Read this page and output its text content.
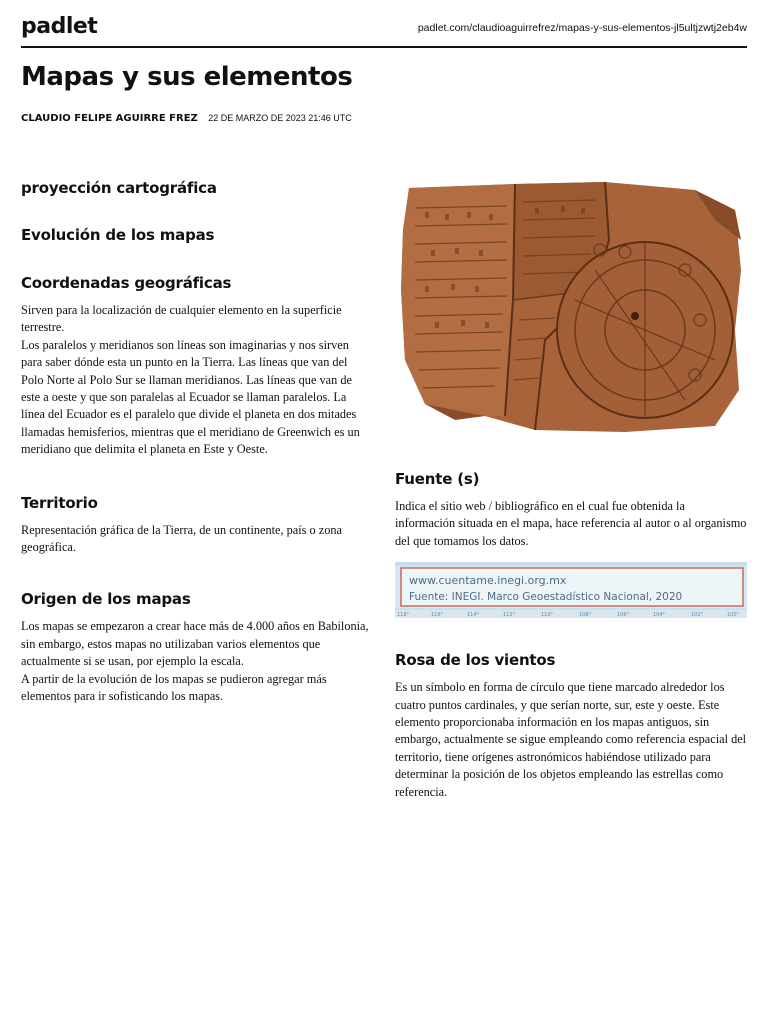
padlet	padlet.com/claudioaguirrefrez/mapas-y-sus-elementos-jl5ultjzwtj2eb4w
Mapas y sus elementos
CLAUDIO FELIPE AGUIRRE FREZ 22 DE MARZO DE 2023 21:46 UTC
proyección cartográfica
Evolución de los mapas
Coordenadas geográficas

Sirven para la localización de cualquier elemento en la superficie terrestre.
Los paralelos y meridianos son líneas son imaginarias y nos sirven para saber dónde esta un punto en la Tierra. Las líneas que van del Polo Norte al Polo Sur se llaman meridianos. Las líneas que van de este a oeste y que son paralelas al Ecuador se llaman paralelos. La línea del Ecuador es el paralelo que divide el planeta en dos mitades llamadas hemisferios, mientras que el meridiano de Greenwich es un meridiano que delimita el planeta en Este y Oeste.

Territorio

Representación gráfica de la Tierra, de un continente, país o zona geográfica.

Origen de los mapas

Los mapas se empezaron a crear hace más de 4.000 años en Babilonia, sin embargo, estos mapas no utilizaban varios elementos que actualmente si se usan, por ejemplo la escala.
A partir de la evolución de los mapas se pudieron agregar más elementos para ir sofisticando los mapas.

Fuente (s)

Indica el sitio web / bibliográfico en el cual fue obtenida la información situada en el mapa, hace referencia al autor o al organismo del que tomamos los datos.

www.cuentame.inegi.org.mx
Fuente: INEGI. Marco Geoestadístico Nacional, 2020
118°	116°	114°	112°	110°	108°	106°	104°	102°	100°
Rosa de los vientos

Es un símbolo en forma de círculo que tiene marcado alrededor los cuatro puntos cardinales, y que serían norte, sur, este y oeste. Este elemento proporcionaba información en los mapas antiguos, sin embargo, actualmente se sigue empleando como referencia espacial del territorio, tiene orígenes astronómicos habiéndose utilizado para determinar la posición de los objetos empleando las estrellas como referencia.
